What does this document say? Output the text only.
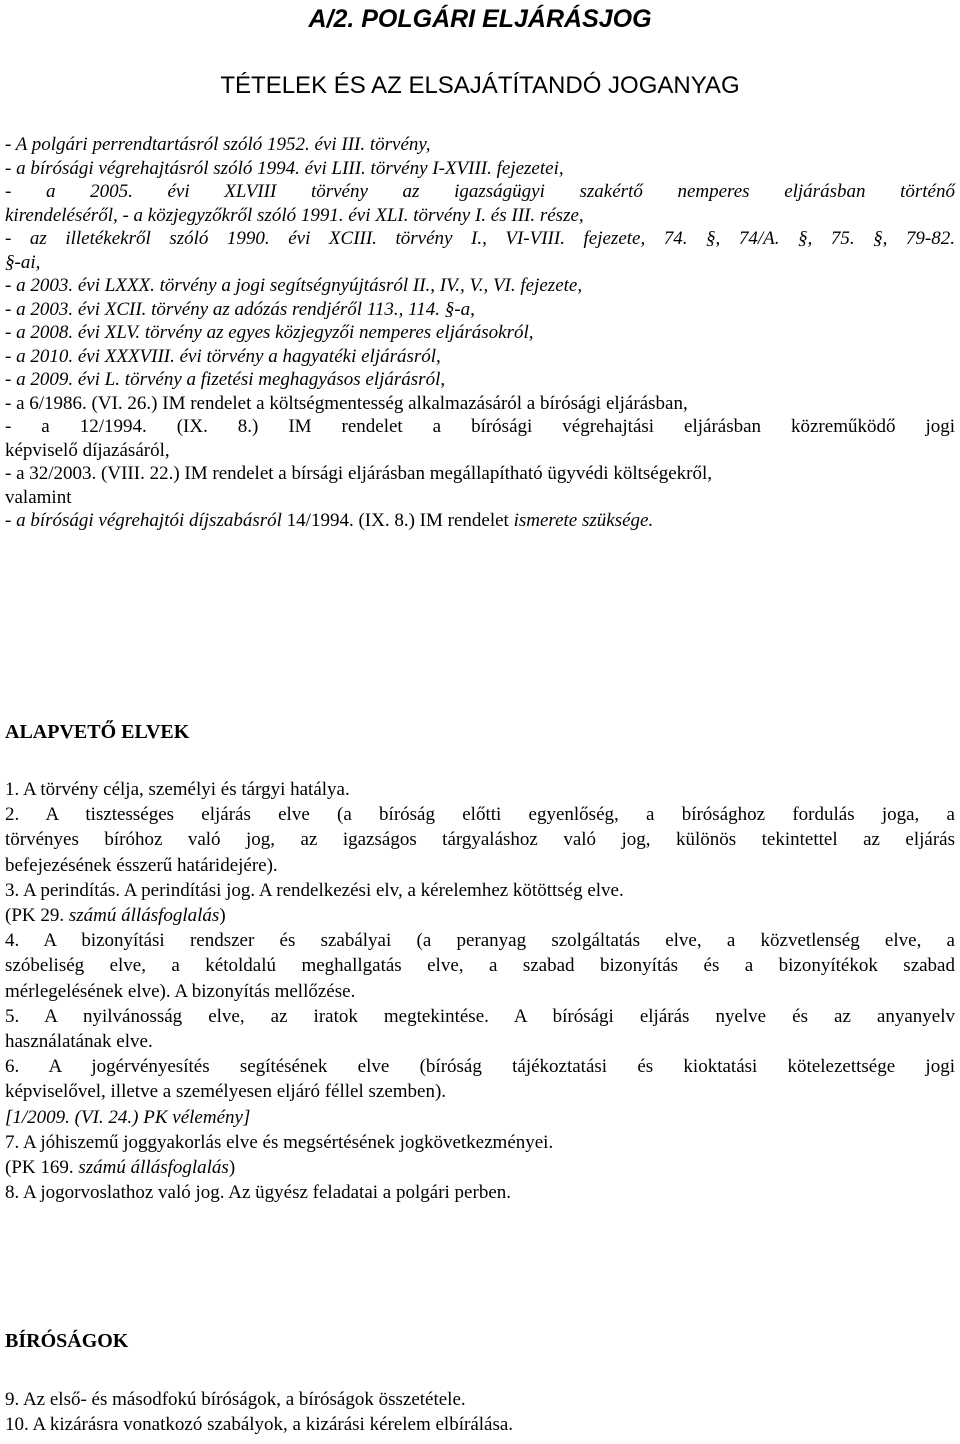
A/2. POLGÁRI ELJÁRÁSJOG
TÉTELEK ÉS AZ ELSAJÁTÍTANDÓ JOGANYAG
- A polgári perrendtartásról szóló 1952. évi III. törvény,
- a bírósági végrehajtásról szóló 1994. évi LIII. törvény I-XVIII. fejezetei,
- a 2005. évi XLVIII törvény az igazságügyi szakértő nemperes eljárásban történő
kirendeléséről, - a közjegyzőkről szóló 1991. évi XLI. törvény I. és III. része,
- az illetékekről szóló 1990. évi XCIII. törvény I., VI-VIII. fejezete, 74. §, 74/A. §, 75. §, 79-82.
§-ai,
- a 2003. évi LXXX. törvény a jogi segítségnyújtásról II., IV., V., VI. fejezete,
- a 2003. évi XCII. törvény az adózás rendjéről 113., 114. §-a,
- a 2008. évi XLV. törvény az egyes közjegyzői nemperes eljárásokról,
- a 2010. évi XXXVIII. évi törvény a hagyatéki eljárásról,
- a 2009. évi L. törvény a fizetési meghagyásos eljárásról,
- a 6/1986. (VI. 26.) IM rendelet a költségmentesség alkalmazásáról a bírósági eljárásban,
- a 12/1994. (IX. 8.) IM rendelet a bírósági végrehajtási eljárásban közreműködő jogi
képviselő díjazásáról,
- a 32/2003. (VIII. 22.) IM rendelet a bírsági eljárásban megállapítható ügyvédi költségekről,
valamint
- a bírósági végrehajtói díjszabásról 14/1994. (IX. 8.) IM rendelet ismerete szüksége.
ALAPVETŐ ELVEK
1. A törvény célja, személyi és tárgyi hatálya.
2. A tisztességes eljárás elve (a bíróság előtti egyenlőség, a bírósághoz fordulás joga, a
törvényes bíróhoz való jog, az igazságos tárgyaláshoz való jog, különös tekintettel az eljárás
befejezésének ésszerű határidejére).
3. A perindítás. A perindítási jog. A rendelkezési elv, a kérelemhez kötöttség elve.
(PK 29. számú állásfoglalás)
4. A bizonyítási rendszer és szabályai (a peranyag szolgáltatás elve, a közvetlenség elve, a
szóbeliség elve, a kétoldalú meghallgatás elve, a szabad bizonyítás és a bizonyítékok szabad
mérlegelésének elve). A bizonyítás mellőzése.
5. A nyilvánosság elve, az iratok megtekintése. A bírósági eljárás nyelve és az anyanyelv
használatának elve.
6. A jogérvényesítés segítésének elve (bíróság tájékoztatási és kioktatási kötelezettsége jogi
képviselővel, illetve a személyesen eljáró féllel szemben).
[1/2009. (VI. 24.) PK vélemény]
7. A jóhiszemű joggyakorlás elve és megsértésének jogkövetkezményei.
(PK 169. számú állásfoglalás)
8. A jogorvoslathoz való jog. Az ügyész feladatai a polgári perben.
BÍRÓSÁGOK
9. Az első- és másodfokú bíróságok, a bíróságok összetétele.
10. A kizárásra vonatkozó szabályok, a kizárási kérelem elbírálása.
